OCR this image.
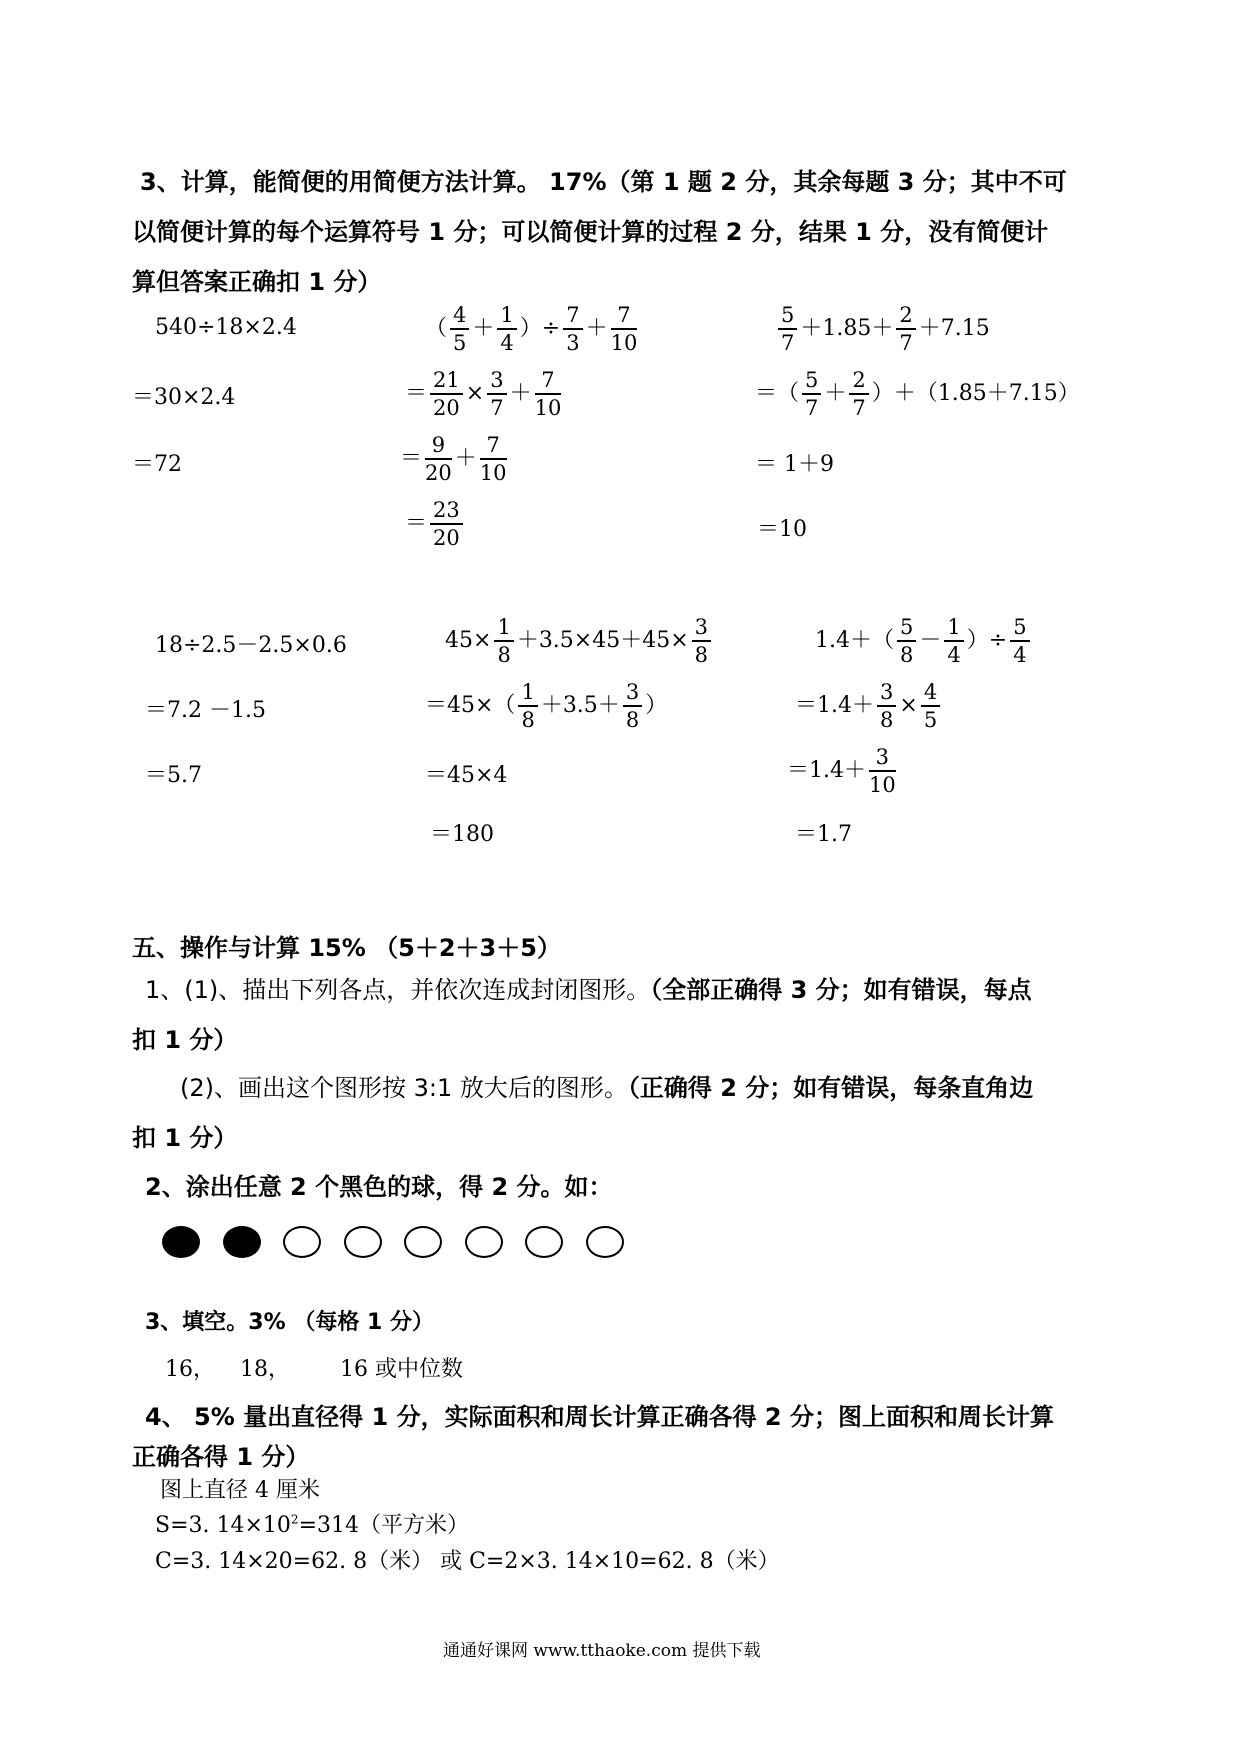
3、计算，能简便的用简便方法计算。 17%（第 1 题 2 分，其余每题 3 分；其中不可
以简便计算的每个运算符号 1 分；可以简便计算的过程 2 分，结果 1 分，没有简便计
算但答案正确扣 1 分）
540÷18×2.4
＝30×2.4
＝72
（ $\frac{4}{5} + \frac{1}{4}$ ）÷ $\frac{7}{3} + \frac{7}{10}$
＝ $\frac{21}{20} \times \frac{3}{7} + \frac{7}{10}$
＝ $\frac{9}{20} + \frac{7}{10}$
＝ $\frac{23}{20}$
$\frac{5}{7} +1.85+ \frac{2}{7} +7.15$
＝（ $\frac{5}{7} + \frac{2}{7} )+(1.85+7.15)$
＝ 1＋9
＝10
18÷2.5－2.5×0.6
＝7.2 －1.5
＝5.7
$45\times \frac{1}{8} +3.5\times 45+45\times \frac{3}{8}$
$=45\times( \frac{1}{8} +3.5+ \frac{3}{8}$ ）
＝45×4
＝180
$1.4+( \frac{5}{8} - \frac{1}{4}$ ）÷ $\frac{5}{4}$
$=1.4+ \frac{3}{8} \times \frac{4}{5}$
$=1.4+ \frac{3}{10}$
＝1.7
五、操作与计算 15% （5＋2＋3＋5）
1、(1)、描出下列各点，并依次连成封闭图形。（全部正确得 3 分；如有错误，每点
扣 1 分）
(2)、画出这个图形按 3:1 放大后的图形。（正确得 2 分；如有错误，每条直角边
扣 1 分）
2、涂出任意 2 个黑色的球，得 2 分。如：
3、填空。3% （每格 1 分）
16， 18， 16 或中位数
4、 5% 量出直径得 1 分，实际面积和周长计算正确各得 2 分；图上面积和周长计算
正确各得 1 分）
图上直径 4 厘米
S=3. $14\times 10^2=314$（平方米）
C=3. 14×20=62. 8（米） 或 C=2×3. 14×10=62. 8（米）
通通好课网 www.tthaoke.com 提供下载
